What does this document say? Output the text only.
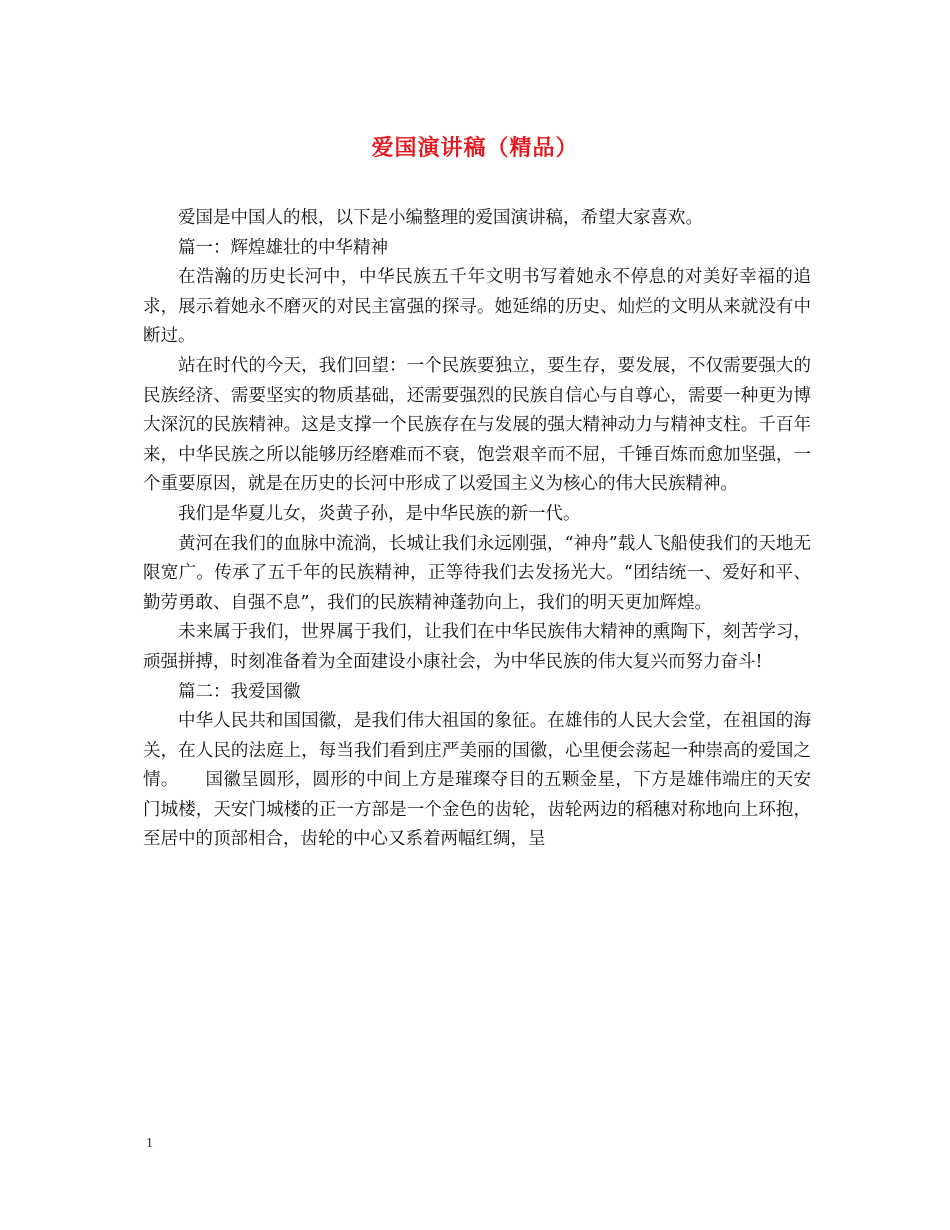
爱国演讲稿（精品）

爱国是中国人的根，以下是小编整理的爱国演讲稿，希望大家喜欢。

篇一：辉煌雄壮的中华精神

在浩瀚的历史长河中，中华民族五千年文明书写着她永不停息的对美好幸福的追求，展示着她永不磨灭的对民主富强的探寻。她延绵的历史、灿烂的文明从来就没有中断过。

站在时代的今天，我们回望：一个民族要独立，要生存，要发展，不仅需要强大的民族经济、需要坚实的物质基础，还需要强烈的民族自信心与自尊心，需要一种更为博大深沉的民族精神。这是支撑一个民族存在与发展的强大精神动力与精神支柱。千百年来，中华民族之所以能够历经磨难而不衰，饱尝艰辛而不屈，千锤百炼而愈加坚强，一个重要原因，就是在历史的长河中形成了以爱国主义为核心的伟大民族精神。

我们是华夏儿女，炎黄子孙，是中华民族的新一代。

黄河在我们的血脉中流淌，长城让我们永远刚强，“神舟”载人飞船使我们的天地无限宽广。传承了五千年的民族精神，正等待我们去发扬光大。“团结统一、爱好和平、勤劳勇敢、自强不息”，我们的民族精神蓬勃向上，我们的明天更加辉煌。

未来属于我们，世界属于我们，让我们在中华民族伟大精神的熏陶下，刻苦学习，顽强拼搏，时刻准备着为全面建设小康社会，为中华民族的伟大复兴而努力奋斗!

篇二：我爱国徽

中华人民共和国国徽，是我们伟大祖国的象征。在雄伟的人民大会堂，在祖国的海关，在人民的法庭上，每当我们看到庄严美丽的国徽，心里便会荡起一种崇高的爱国之情。　　国徽呈圆形，圆形的中间上方是璀璨夺目的五颗金星，下方是雄伟端庄的天安门城楼，天安门城楼的正一方部是一个金色的齿轮，齿轮两边的稻穗对称地向上环抱，至居中的顶部相合，齿轮的中心又系着两幅红绸，呈

1
